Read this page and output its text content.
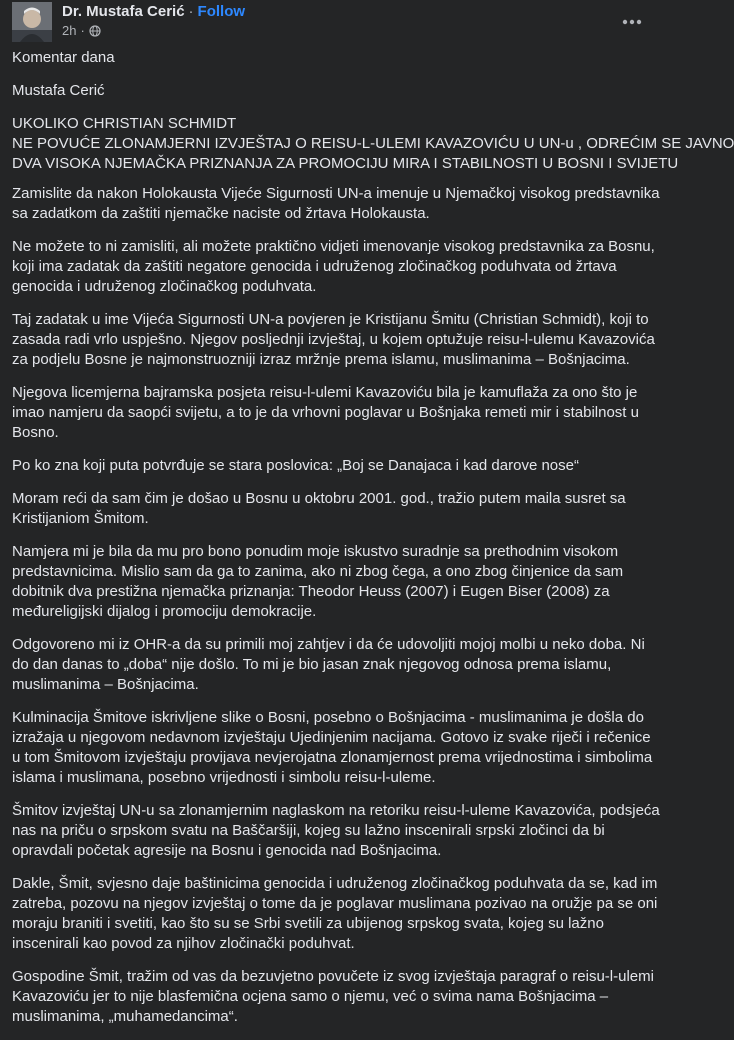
Dr. Mustafa Cerić · Follow
2h ·

Komentar dana

Mustafa Cerić

UKOLIKO CHRISTIAN SCHMIDT
NE POVUĆE ZLONAMJERNI IZVJEŠTAJ O REISU-L-ULEMI KAVAZOVIĆU U UN-u , ODREĆIM SE JAVNO
DVA VISOKA NJEMAČKA PRIZNANJA ZA PROMOCIJU MIRA I STABILNOSTI U BOSNI I SVIJETU

Zamislite da nakon Holokausta Vijeće Sigurnosti UN-a imenuje u Njemačkoj visokog predstavnika sa zadatkom da zaštiti njemačke naciste od žrtava Holokausta.

Ne možete to ni zamisliti, ali možete praktično vidjeti imenovanje visokog predstavnika za Bosnu, koji ima zadatak da zaštiti negatore genocida i udruženog zločinačkog poduhvata od žrtava genocida i udruženog zločinačkog poduhvata.

Taj zadatak u ime Vijeća Sigurnosti UN-a povjeren je Kristijanu Šmitu (Christian Schmidt), koji to zasada radi vrlo uspješno. Njegov posljednji izvještaj, u kojem optužuje reisu-l-ulemu Kavazovića za podjelu Bosne je najmonstruozniji izraz mržnje prema islamu, muslimanima – Bošnjacima.

Njegova licemjerna bajramska posjeta reisu-l-ulemi Kavazoviću bila je kamuflaža za ono što je imao namjeru da saopći svijetu, a to je da vrhovni poglavar u Bošnjaka remeti mir i stabilnost u Bosno.

Po ko zna koji puta potvrđuje se stara poslovica: „Boj se Danajaca i kad darove nose“

Moram reći da sam čim je došao u Bosnu u oktobru 2001. god., tražio putem maila susret sa Kristijaniom Šmitom.

Namjera mi je bila da mu pro bono ponudim moje iskustvo suradnje sa prethodnim visokom predstavnicima. Mislio sam da ga to zanima, ako ni zbog čega, a ono zbog činjenice da sam dobitnik dva prestižna njemačka priznanja: Theodor Heuss (2007) i Eugen Biser (2008) za međureligijski dijalog i promociju demokracije.

Odgovoreno mi iz OHR-a da su primili moj zahtjev i da će udovoljiti mojoj molbi u neko doba. Ni do dan danas to „doba“ nije došlo. To mi je bio jasan znak njegovog odnosa prema islamu, muslimanima – Bošnjacima.

Kulminacija Šmitove iskrivljene slike o Bosni, posebno o Bošnjacima - muslimanima je došla do izražaja u njegovom nedavnom izvještaju Ujedinjenim nacijama. Gotovo iz svake riječi i rečenice u tom Šmitovom izvještaju provijava nevjerojatna zlonamjernost prema vrijednostima i simbolima islama i muslimana, posebno vrijednosti i simbolu reisu-l-uleme.

Šmitov izvještaj UN-u sa zlonamjernim naglaskom na retoriku reisu-l-uleme Kavazovića, podsjeća nas na priču o srpskom svatu na Baščaršiji, kojeg su lažno inscenirali srpski zločinci da bi opravdali početak agresije na Bosnu i genocida nad Bošnjacima.

Dakle, Šmit, svjesno daje baštinicima genocida i udruženog zločinačkog poduhvata da se, kad im zatreba, pozovu na njegov izvještaj o tome da je poglavar muslimana pozivao na oružje pa se oni moraju braniti i svetiti, kao što su se Srbi svetili za ubijenog srpskog svata, kojeg su lažno inscenirali kao povod za njihov zločinački poduhvat.

Gospodine Šmit, tražim od vas da bezuvjetno povučete iz svog izvještaja paragraf o reisu-l-ulemi Kavazoviću jer to nije blasfemična ocjena samo o njemu, već o svima nama Bošnjacima – muslimanima, „muhamedancima“.
